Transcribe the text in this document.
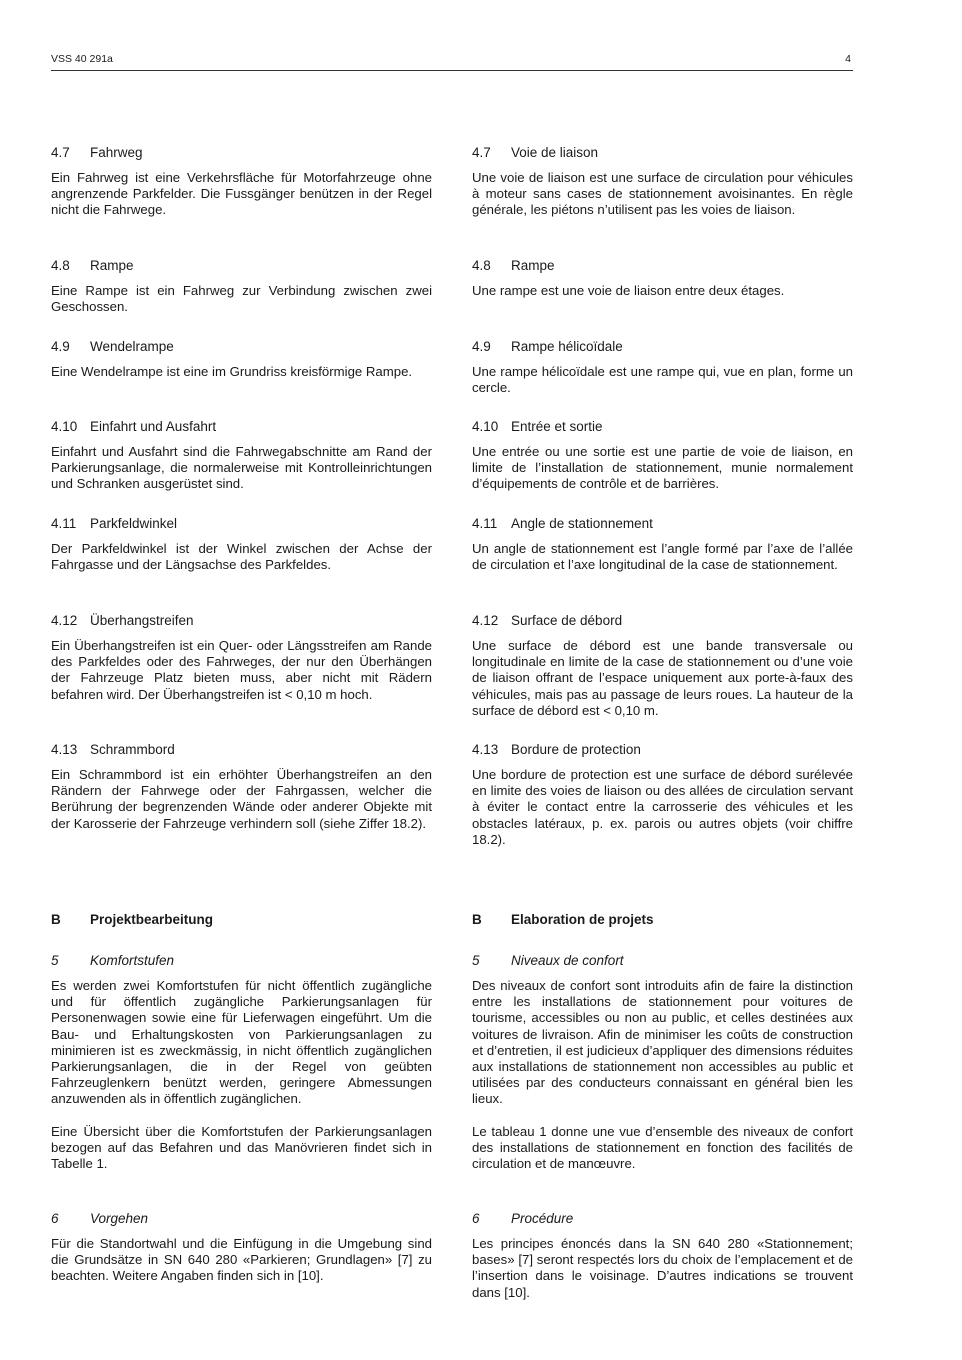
VSS 40 291a	4
4.7 Fahrweg

Ein Fahrweg ist eine Verkehrsfläche für Motorfahrzeuge ohne angrenzende Parkfelder. Die Fussgänger benützen in der Regel nicht die Fahrwege.

4.8 Rampe

Eine Rampe ist ein Fahrweg zur Verbindung zwischen zwei Geschossen.

4.9 Wendelrampe

Eine Wendelrampe ist eine im Grundriss kreisförmige Rampe.

4.10 Einfahrt und Ausfahrt

Einfahrt und Ausfahrt sind die Fahrwegabschnitte am Rand der Parkierungsanlage, die normalerweise mit Kontrolleinrichtungen und Schranken ausgerüstet sind.

4.11 Parkfeldwinkel

Der Parkfeldwinkel ist der Winkel zwischen der Achse der Fahrgasse und der Längsachse des Parkfeldes.

4.12 Überhangstreifen

Ein Überhangstreifen ist ein Quer- oder Längsstreifen am Rande des Parkfeldes oder des Fahrweges, der nur den Überhängen der Fahrzeuge Platz bieten muss, aber nicht mit Rädern befahren wird. Der Überhangstreifen ist < 0,10 m hoch.

4.13 Schrammbord

Ein Schrammbord ist ein erhöhter Überhangstreifen an den Rändern der Fahrwege oder der Fahrgassen, welcher die Berührung der begrenzenden Wände oder anderer Objekte mit der Karosserie der Fahrzeuge verhindern soll (siehe Ziffer 18.2).

B Projektbearbeitung
5 Komfortstufen

Es werden zwei Komfortstufen für nicht öffentlich zugängliche und für öffentlich zugängliche Parkierungsanlagen für Personenwagen sowie eine für Lieferwagen eingeführt. Um die Bau- und Erhaltungskosten von Parkierungsanlagen zu minimieren ist es zweckmässig, in nicht öffentlich zugänglichen Parkierungsanlagen, die in der Regel von geübten Fahrzeuglenkern benützt werden, geringere Abmessungen anzuwenden als in öffentlich zugänglichen.

Eine Übersicht über die Komfortstufen der Parkierungsanlagen bezogen auf das Befahren und das Manövrieren findet sich in Tabelle 1.

6 Vorgehen

Für die Standortwahl und die Einfügung in die Umgebung sind die Grundsätze in SN 640 280 «Parkieren; Grundlagen» [7] zu beachten. Weitere Angaben finden sich in [10].

4.7 Voie de liaison

Une voie de liaison est une surface de circulation pour véhicules à moteur sans cases de stationnement avoisinantes. En règle générale, les piétons n’utilisent pas les voies de liaison.

4.8 Rampe

Une rampe est une voie de liaison entre deux étages.

4.9 Rampe hélicoïdale

Une rampe hélicoïdale est une rampe qui, vue en plan, forme un cercle.

4.10 Entrée et sortie

Une entrée ou une sortie est une partie de voie de liaison, en limite de l’installation de stationnement, munie normalement d’équipements de contrôle et de barrières.

4.11 Angle de stationnement

Un angle de stationnement est l’angle formé par l’axe de l’allée de circulation et l’axe longitudinal de la case de stationnement.

4.12 Surface de débord

Une surface de débord est une bande transversale ou longitudinale en limite de la case de stationnement ou d’une voie de liaison offrant de l’espace uniquement aux porte-à-faux des véhicules, mais pas au passage de leurs roues. La hauteur de la surface de débord est < 0,10 m.

4.13 Bordure de protection

Une bordure de protection est une surface de débord surélevée en limite des voies de liaison ou des allées de circulation servant à éviter le contact entre la carrosserie des véhicules et les obstacles latéraux, p. ex. parois ou autres objets (voir chiffre 18.2).

B Elaboration de projets
5 Niveaux de confort

Des niveaux de confort sont introduits afin de faire la distinction entre les installations de stationnement pour voitures de tourisme, accessibles ou non au public, et celles destinées aux voitures de livraison. Afin de minimiser les coûts de construction et d’entretien, il est judicieux d’appliquer des dimensions réduites aux installations de stationnement non accessibles au public et utilisées par des conducteurs connaissant en général bien les lieux.

Le tableau 1 donne une vue d’ensemble des niveaux de confort des installations de stationnement en fonction des facilités de circulation et de manœuvre.

6 Procédure

Les principes énoncés dans la SN 640 280 «Stationnement; bases» [7] seront respectés lors du choix de l’emplacement et de l’insertion dans le voisinage. D’autres indications se trouvent dans [10].
